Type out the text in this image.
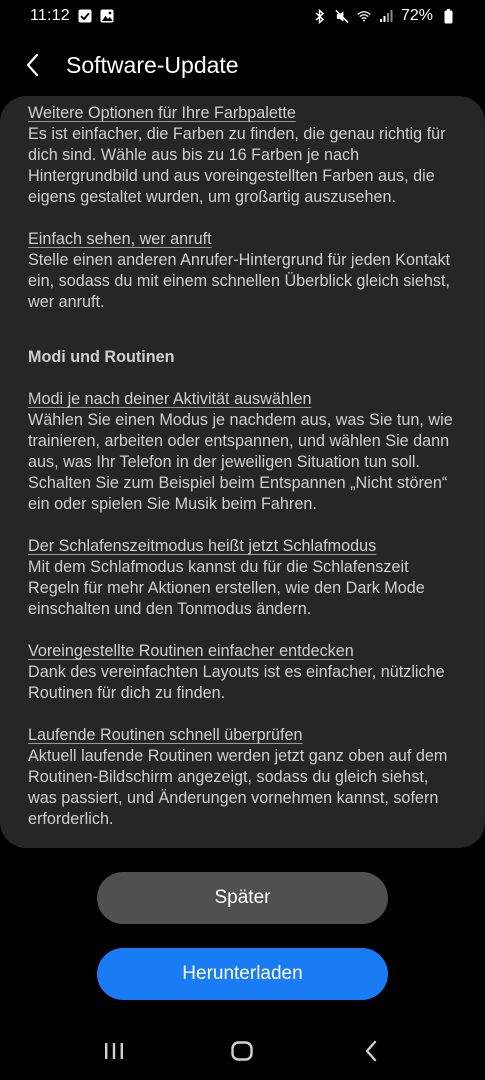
11:12	72%
Software-Update
Weitere Optionen für Ihre Farbpalette
Es ist einfacher, die Farben zu finden, die genau richtig für dich sind. Wähle aus bis zu 16 Farben je nach Hintergrundbild und aus voreingestellten Farben aus, die eigens gestaltet wurden, um großartig auszusehen.
Einfach sehen, wer anruft
Stelle einen anderen Anrufer-Hintergrund für jeden Kontakt ein, sodass du mit einem schnellen Überblick gleich siehst, wer anruft.
Modi und Routinen
Modi je nach deiner Aktivität auswählen
Wählen Sie einen Modus je nachdem aus, was Sie tun, wie trainieren, arbeiten oder entspannen, und wählen Sie dann aus, was Ihr Telefon in der jeweiligen Situation tun soll. Schalten Sie zum Beispiel beim Entspannen „Nicht stören“ ein oder spielen Sie Musik beim Fahren.
Der Schlafenszeitmodus heißt jetzt Schlafmodus
Mit dem Schlafmodus kannst du für die Schlafenszeit Regeln für mehr Aktionen erstellen, wie den Dark Mode einschalten und den Tonmodus ändern.
Voreingestellte Routinen einfacher entdecken
Dank des vereinfachten Layouts ist es einfacher, nützliche Routinen für dich zu finden.
Laufende Routinen schnell überprüfen
Aktuell laufende Routinen werden jetzt ganz oben auf dem Routinen-Bildschirm angezeigt, sodass du gleich siehst, was passiert, und Änderungen vornehmen kannst, sofern erforderlich.
Später
Herunterladen
